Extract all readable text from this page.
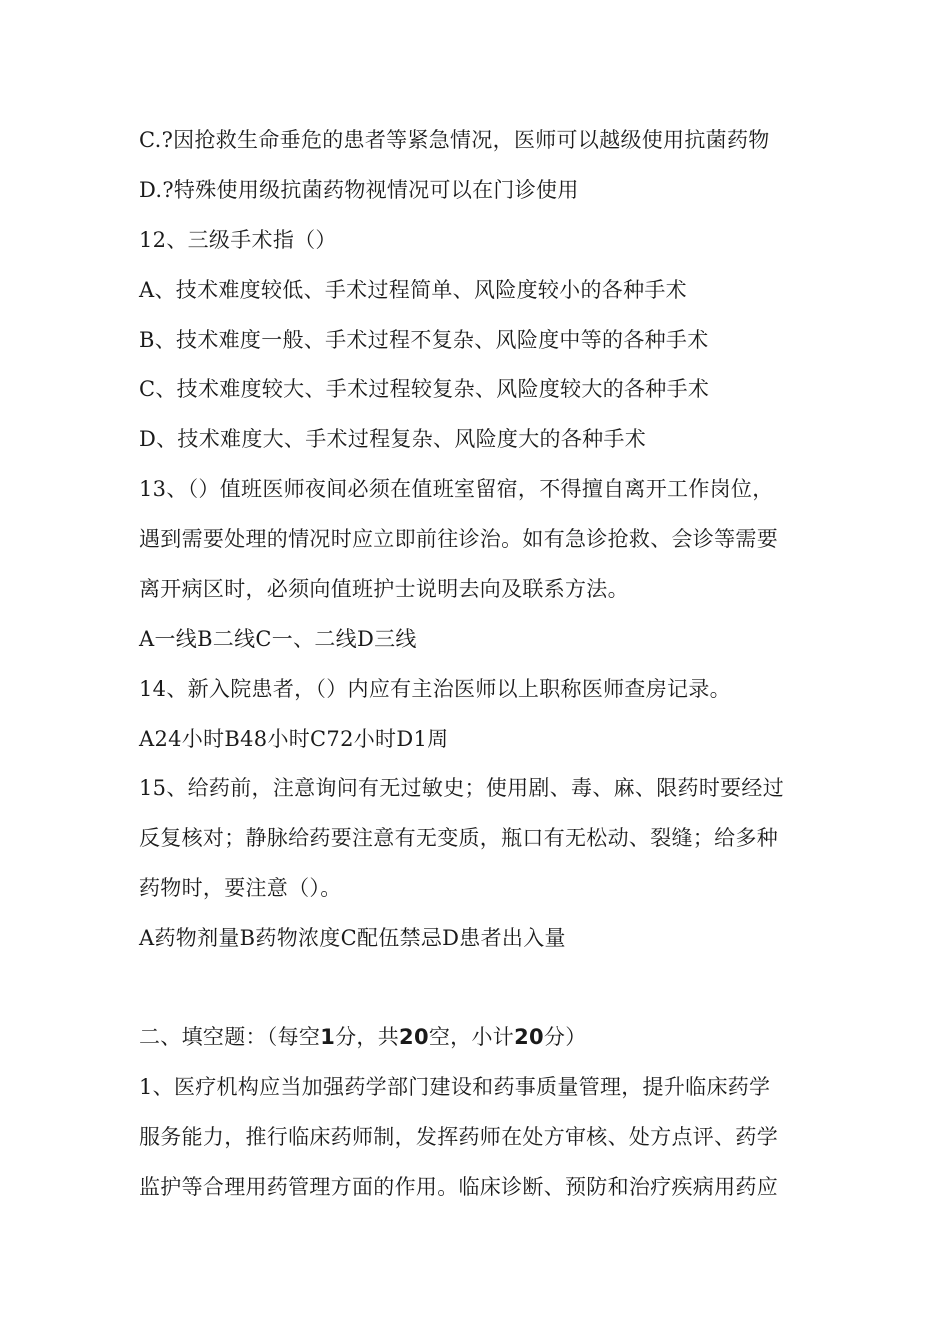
C.?因抢救生命垂危的患者等紧急情况，医师可以越级使用抗菌药物
D.?特殊使用级抗菌药物视情况可以在门诊使用
12、三级手术指（）
A、技术难度较低、手术过程简单、风险度较小的各种手术
B、技术难度一般、手术过程不复杂、风险度中等的各种手术
C、技术难度较大、手术过程较复杂、风险度较大的各种手术
D、技术难度大、手术过程复杂、风险度大的各种手术
13、（）值班医师夜间必须在值班室留宿，不得擅自离开工作岗位，
遇到需要处理的情况时应立即前往诊治。如有急诊抢救、会诊等需要
离开病区时，必须向值班护士说明去向及联系方法。
A一线B二线C一、二线D三线
14、新入院患者，（）内应有主治医师以上职称医师查房记录。
A24小时B48小时C72小时D1周
15、给药前，注意询问有无过敏史；使用剧、毒、麻、限药时要经过
反复核对；静脉给药要注意有无变质，瓶口有无松动、裂缝；给多种
药物时，要注意（）。
A药物剂量B药物浓度C配伍禁忌D患者出入量
二、填空题：（每空1分，共20空，小计20分）
1、医疗机构应当加强药学部门建设和药事质量管理，提升临床药学
服务能力，推行临床药师制，发挥药师在处方审核、处方点评、药学
监护等合理用药管理方面的作用。临床诊断、预防和治疗疾病用药应
